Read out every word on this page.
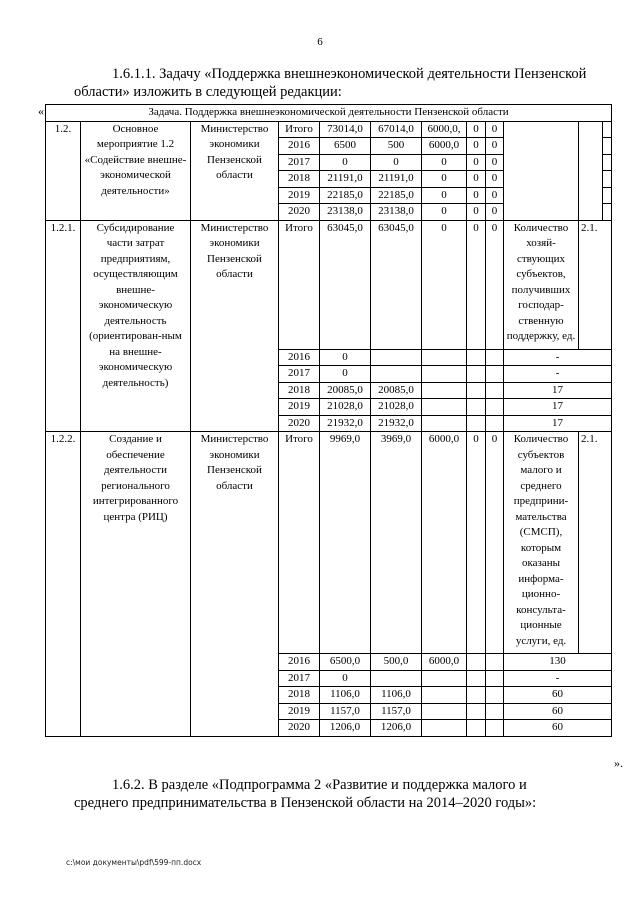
6
1.6.1.1. Задачу «Поддержка внешнеэкономической деятельности Пензенской
области» изложить в следующей редакции:
«	Задача. Поддержка внешнеэкономической деятельности Пензенской области											
1.2.	Основное мероприятие 1.2 «Содействие внешне-экономической деятельности»	Министерство экономики Пензенской области	Итого	73014,0	67014,0	6000,0,	0	0			
			2016	6500	500	6000,0	0	0			
			2017	0	0	0	0	0			
			2018	21191,0	21191,0	0	0	0			
			2019	22185,0	22185,0	0	0	0			
			2020	23138,0	23138,0	0	0	0			
1.2.1.	Субсидирование части затрат предприятиям, осуществляющим внешне-экономическую деятельность (ориентирован-ным на внешне-экономическую деятельность)	Министерство экономики Пензенской области	Итого	63045,0	63045,0	0	0	0	Количество хозяй-ствующих субъектов, получивших господар-ственную поддержку, ед.	2.1.	
			2016	0					-		
			2017	0					-		
			2018	20085,0	20085,0				17		
			2019	21028,0	21028,0				17		
			2020	21932,0	21932,0				17		
1.2.2.	Создание и обеспечение деятельности регионального интегрированного центра (РИЦ)	Министерство экономики Пензенской области	Итого	9969,0	3969,0	6000,0	0	0	Количество субъектов малого и среднего предприни-мательства (СМСП), которым оказаны информа-ционно-консульта-ционные услуги, ед.	2.1.	
			2016	6500,0	500,0	6000,0			130		
			2017	0					-		
			2018	1106,0	1106,0				60		
			2019	1157,0	1157,0				60		
			2020	1206,0	1206,0				60		
».
1.6.2. В разделе «Подпрограмма 2 «Развитие и поддержка малого и
среднего предпринимательства в Пензенской области на 2014–2020 годы»:
c:\мои документы\pdf\599-пп.docx
